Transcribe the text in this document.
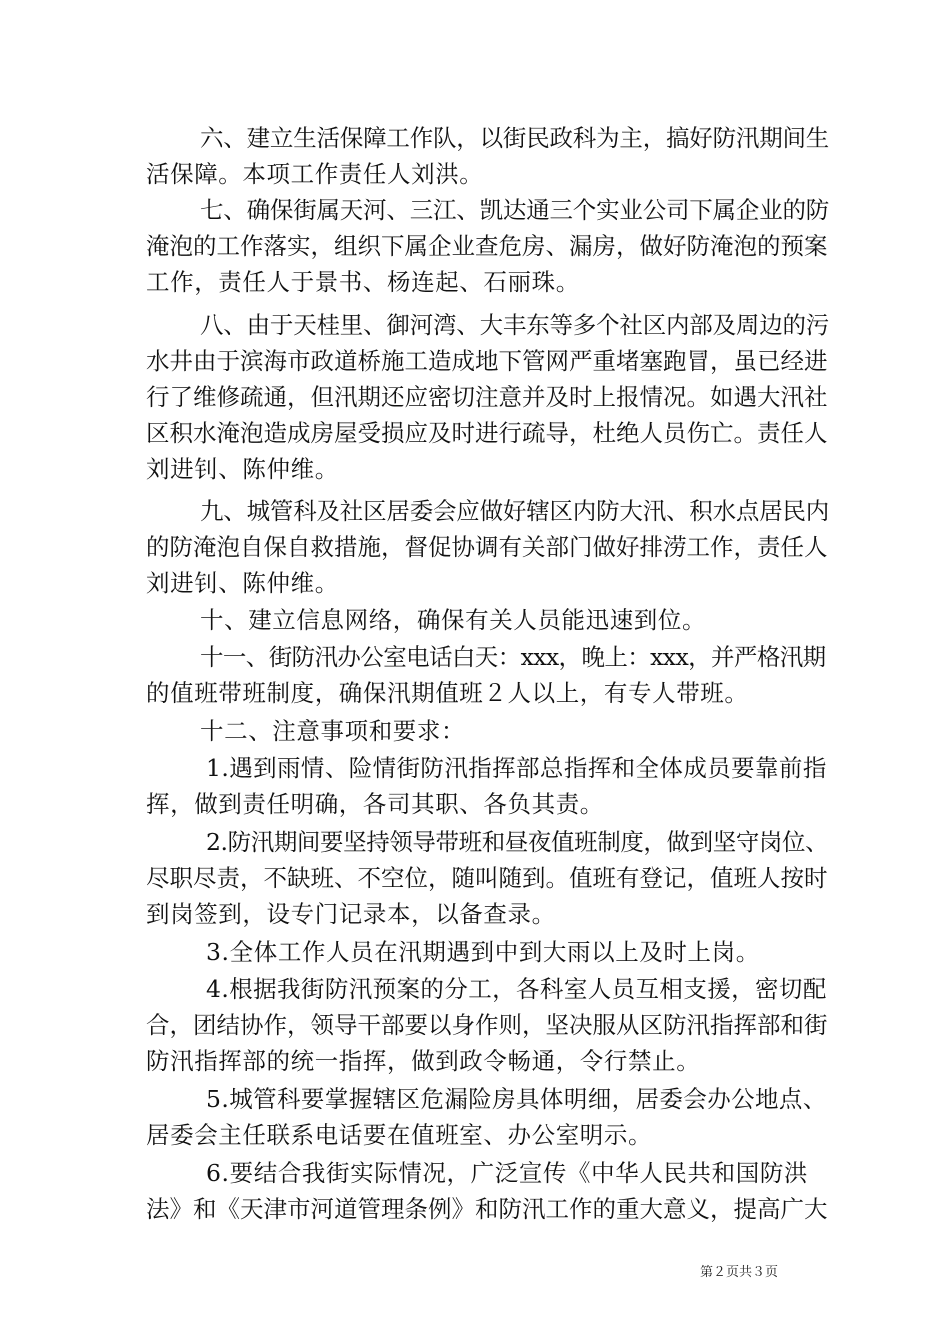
六、建立生活保障工作队，以街民政科为主，搞好防汛期间生
活保障。本项工作责任人刘洪。
七、确保街属天河、三江、凯达通三个实业公司下属企业的防
淹泡的工作落实，组织下属企业查危房、漏房，做好防淹泡的预案
工作，责任人于景书、杨连起、石丽珠。
八、由于天桂里、御河湾、大丰东等多个社区内部及周边的污
水井由于滨海市政道桥施工造成地下管网严重堵塞跑冒，虽已经进
行了维修疏通，但汛期还应密切注意并及时上报情况。如遇大汛社
区积水淹泡造成房屋受损应及时进行疏导，杜绝人员伤亡。责任人
刘进钊、陈仲维。
九、城管科及社区居委会应做好辖区内防大汛、积水点居民内
的防淹泡自保自救措施，督促协调有关部门做好排涝工作，责任人
刘进钊、陈仲维。
十、建立信息网络，确保有关人员能迅速到位。
十一、街防汛办公室电话白天：xxx，晚上：xxx，并严格汛期
的值班带班制度，确保汛期值班２人以上，有专人带班。
十二、注意事项和要求：
1.遇到雨情、险情街防汛指挥部总指挥和全体成员要靠前指
挥，做到责任明确，各司其职、各负其责。
2.防汛期间要坚持领导带班和昼夜值班制度，做到坚守岗位、
尽职尽责，不缺班、不空位，随叫随到。值班有登记，值班人按时
到岗签到，设专门记录本，以备查录。
3.全体工作人员在汛期遇到中到大雨以上及时上岗。
4.根据我街防汛预案的分工，各科室人员互相支援，密切配
合，团结协作，领导干部要以身作则，坚决服从区防汛指挥部和街
防汛指挥部的统一指挥，做到政令畅通，令行禁止。
5.城管科要掌握辖区危漏险房具体明细，居委会办公地点、
居委会主任联系电话要在值班室、办公室明示。
6.要结合我街实际情况，广泛宣传《中华人民共和国防洪
法》和《天津市河道管理条例》和防汛工作的重大意义，提高广大
第２页共３页
